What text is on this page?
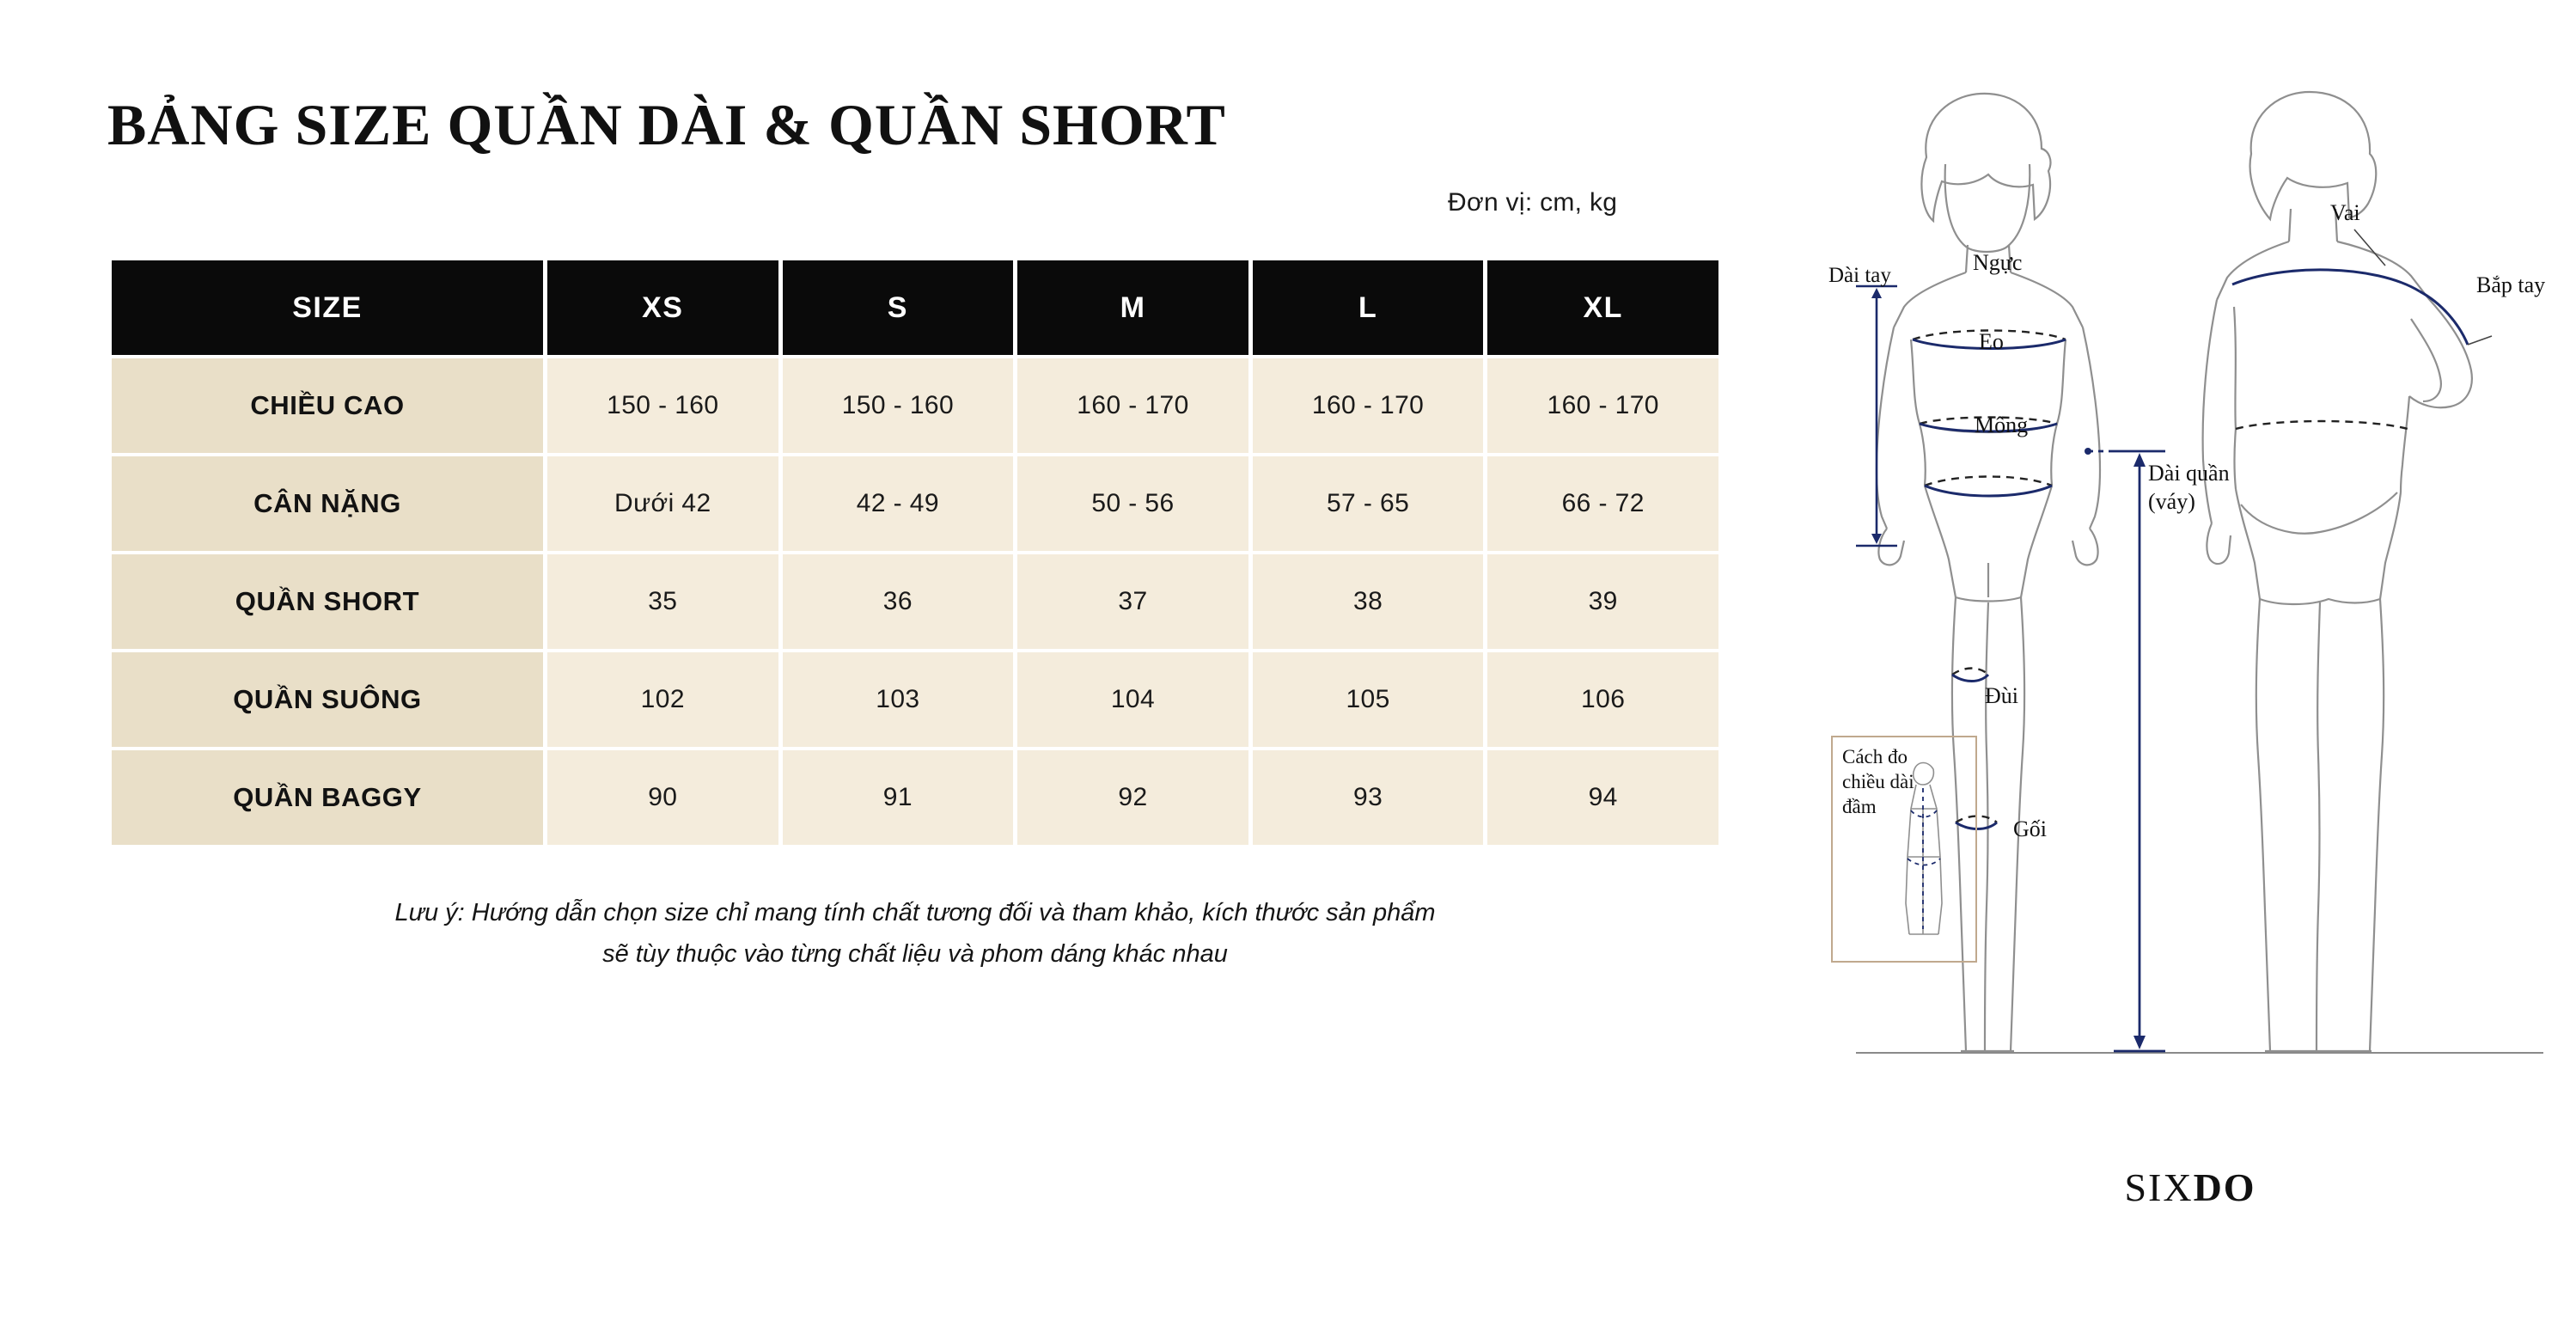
BẢNG SIZE QUẦN DÀI & QUẦN SHORT
Đơn vị: cm, kg
SIZE	XS	S	M	L	XL
CHIỀU CAO	150 - 160	150 - 160	160 - 170	160 - 170	160 - 170
CÂN NẶNG	Dưới 42	42 - 49	50 - 56	57 - 65	66 - 72
QUẦN SHORT	35	36	37	38	39
QUẦN SUÔNG	102	103	104	105	106
QUẦN BAGGY	90	91	92	93	94
Lưu ý: Hướng dẫn chọn size chỉ mang tính chất tương đối và tham khảo, kích thước sản phẩm
sẽ tùy thuộc vào từng chất liệu và phom dáng khác nhau
Dài tay
Ngực
Eo
Mông
Đùi
Gối
Vai
Bắp tay
Dài quần
(váy)
Cách đo chiều dài đầm
SIXDO
